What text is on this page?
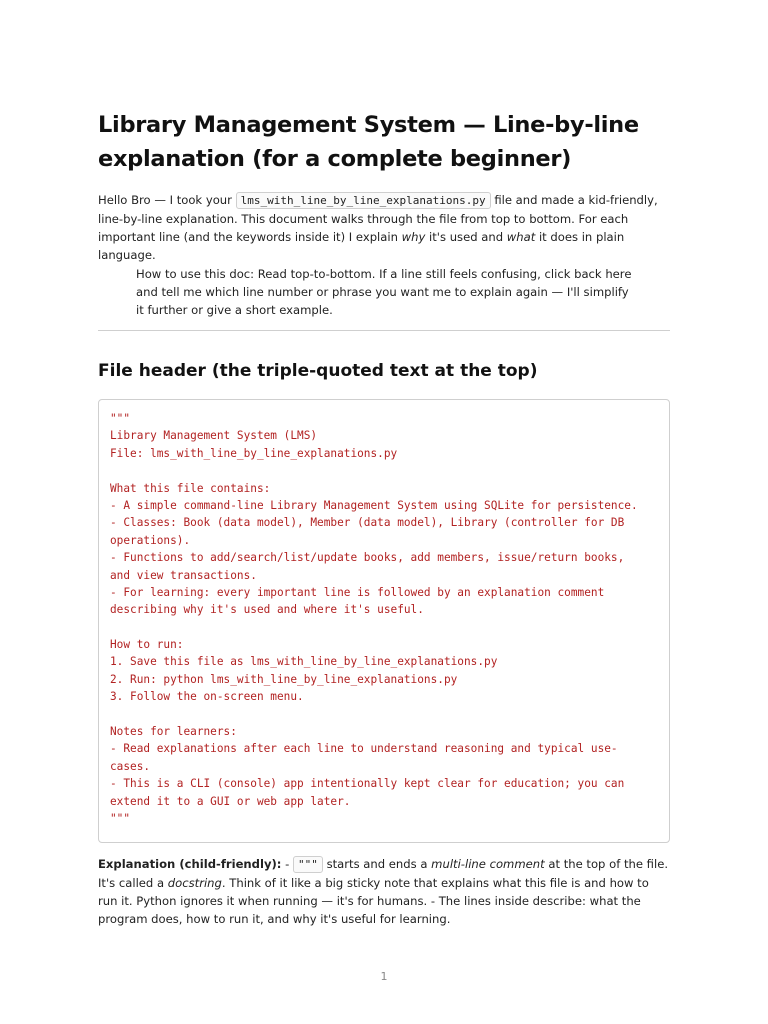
Library Management System — Line-by-line explanation (for a complete beginner)

Hello Bro — I took your lms_with_line_by_line_explanations.py file and made a kid-friendly, line-by-line explanation. This document walks through the file from top to bottom. For each important line (and the keywords inside it) I explain why it's used and what it does in plain language.

How to use this doc: Read top-to-bottom. If a line still feels confusing, click back here and tell me which line number or phrase you want me to explain again — I'll simplify it further or give a short example.

File header (the triple-quoted text at the top)
"""
Library Management System (LMS)
File: lms_with_line_by_line_explanations.py
What this file contains:
- A simple command-line Library Management System using SQLite for persistence.
- Classes: Book (data model), Member (data model), Library (controller for DB
operations).
- Functions to add/search/list/update books, add members, issue/return books,
and view transactions.
- For learning: every important line is followed by an explanation comment
describing why it's used and where it's useful.
How to run:
1. Save this file as lms_with_line_by_line_explanations.py
2. Run: python lms_with_line_by_line_explanations.py
3. Follow the on-screen menu.
Notes for learners:
- Read explanations after each line to understand reasoning and typical use-
cases.
- This is a CLI (console) app intentionally kept clear for education; you can
extend it to a GUI or web app later.
"""

Explanation (child-friendly): - """ starts and ends a multi-line comment at the top of the file. It's called a docstring. Think of it like a big sticky note that explains what this file is and how to run it. Python ignores it when running — it's for humans. - The lines inside describe: what the program does, how to run it, and why it's useful for learning.

1
